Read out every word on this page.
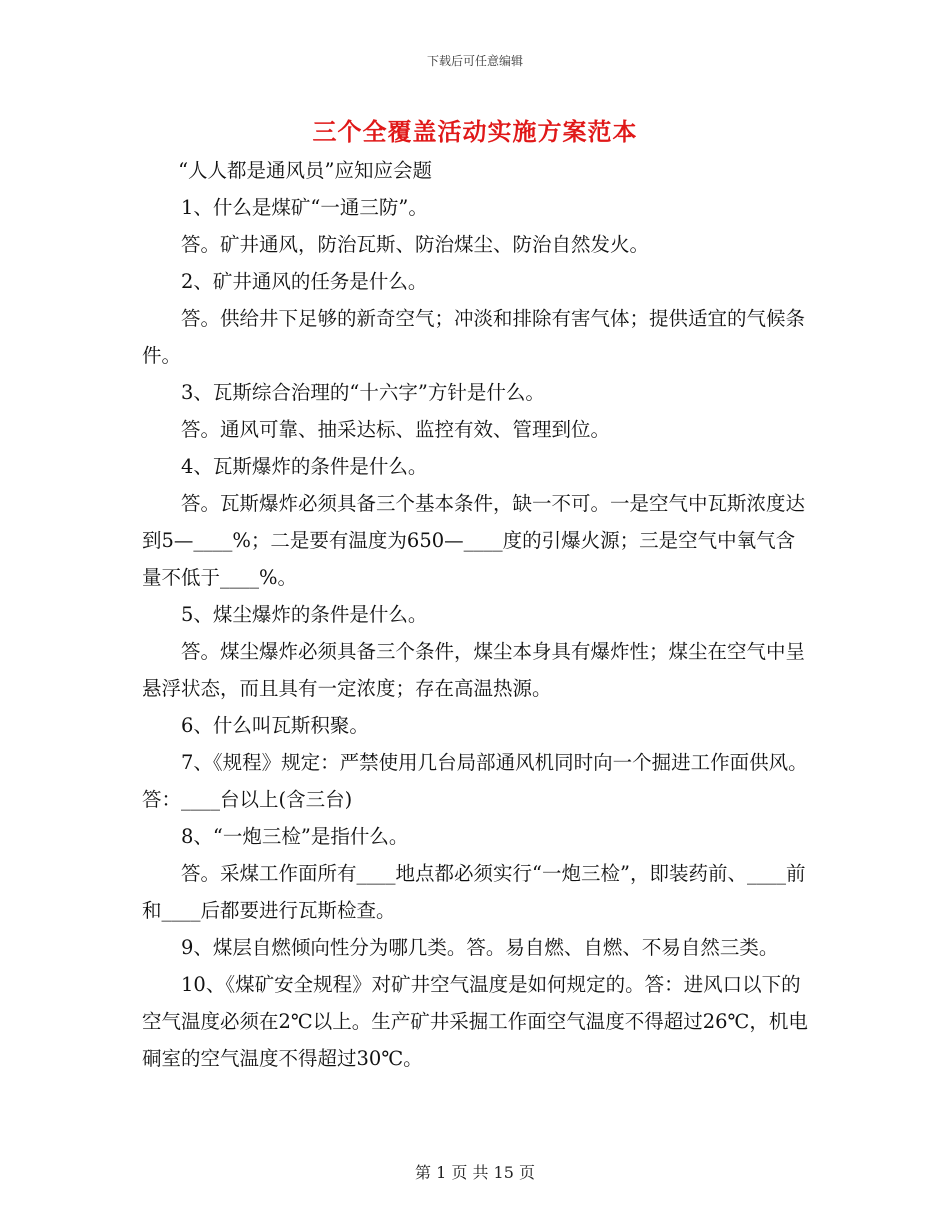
下载后可任意编辑
三个全覆盖活动实施方案范本

“人人都是通风员”应知应会题

1、什么是煤矿“一通三防”。

答。矿井通风，防治瓦斯、防治煤尘、防治自然发火。

2、矿井通风的任务是什么。

答。供给井下足够的新奇空气；冲淡和排除有害气体；提供适宜的气候条件。

3、瓦斯综合治理的“十六字”方针是什么。

答。通风可靠、抽采达标、监控有效、管理到位。

4、瓦斯爆炸的条件是什么。

答。瓦斯爆炸必须具备三个基本条件，缺一不可。一是空气中瓦斯浓度达到5—____%；二是要有温度为650—____度的引爆火源；三是空气中氧气含量不低于____%。

5、煤尘爆炸的条件是什么。

答。煤尘爆炸必须具备三个条件，煤尘本身具有爆炸性；煤尘在空气中呈悬浮状态，而且具有一定浓度；存在高温热源。

6、什么叫瓦斯积聚。

7、《规程》规定：严禁使用几台局部通风机同时向一个掘进工作面供风。答：____台以上(含三台)

8、“一炮三检”是指什么。

答。采煤工作面所有____地点都必须实行“一炮三检”，即装药前、____前和____后都要进行瓦斯检查。

9、煤层自燃倾向性分为哪几类。答。易自燃、自燃、不易自然三类。

10、《煤矿安全规程》对矿井空气温度是如何规定的。答：进风口以下的空气温度必须在2℃以上。生产矿井采掘工作面空气温度不得超过26℃，机电硐室的空气温度不得超过30℃。

第 1 页 共 15 页
